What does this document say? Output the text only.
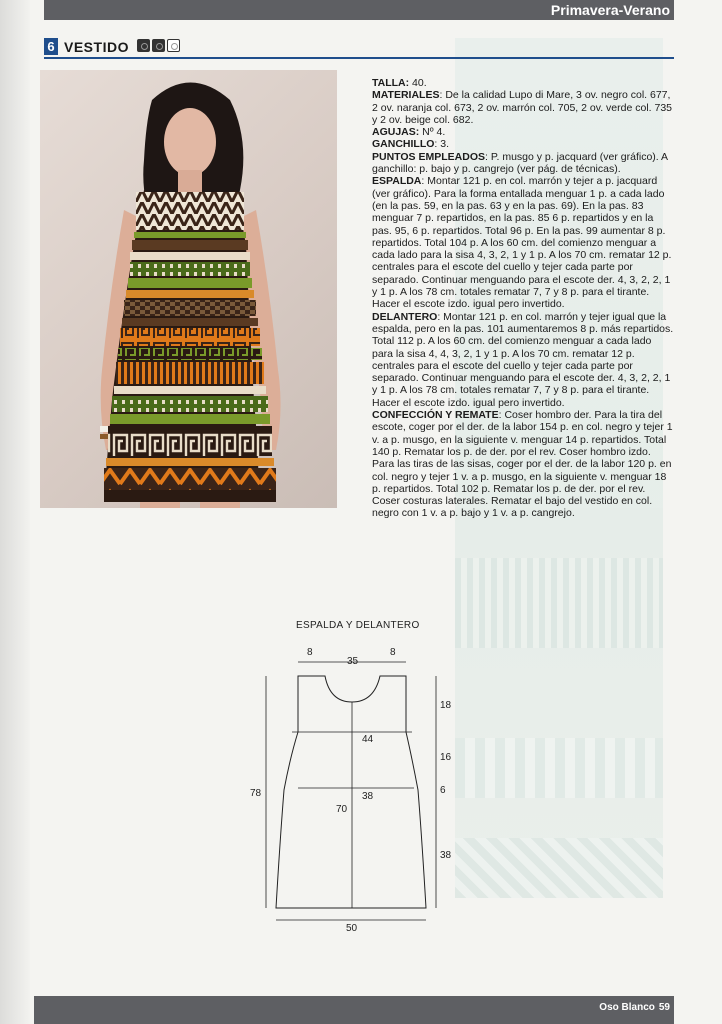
Primavera-Verano
6 VESTIDO

TALLA: 40.

MATERIALES: De la calidad Lupo di Mare, 3 ov. negro col. 677, 2 ov. naranja col. 673, 2 ov. marrón col. 705, 2 ov. verde col. 735 y 2 ov. beige col. 682.

AGUJAS: Nº 4.

GANCHILLO: 3.

PUNTOS EMPLEADOS: P. musgo y p. jacquard (ver gráfico). A ganchillo: p. bajo y p. cangrejo (ver pág. de técnicas).

ESPALDA: Montar 121 p. en col. marrón y tejer a p. jacquard (ver gráfico). Para la forma entallada menguar 1 p. a cada lado (en la pas. 59, en la pas. 63 y en la pas. 69). En la pas. 83 menguar 7 p. repartidos, en la pas. 85 6 p. repartidos y en la pas. 95, 6 p. repartidos. Total 96 p. En la pas. 99 aumentar 8 p. repartidos. Total 104 p. A los 60 cm. del comienzo menguar a cada lado para la sisa 4, 3, 2, 1 y 1 p. A los 70 cm. rematar 12 p. centrales para el escote del cuello y tejer cada parte por separado. Continuar menguando para el escote der. 4, 3, 2, 2, 1 y 1 p. A los 78 cm. totales rematar 7, 7 y 8 p. para el tirante. Hacer el escote izdo. igual pero invertido.

DELANTERO: Montar 121 p. en col. marrón y tejer igual que la espalda, pero en la pas. 101 aumentaremos 8 p. más repartidos. Total 112 p. A los 60 cm. del comienzo menguar a cada lado para la sisa 4, 4, 3, 2, 1 y 1 p. A los 70 cm. rematar 12 p. centrales para el escote del cuello y tejer cada parte por separado. Continuar menguando para el escote der. 4, 3, 2, 2, 1 y 1 p. A los 78 cm. totales rematar 7, 7 y 8 p. para el tirante. Hacer el escote izdo. igual pero invertido.

CONFECCIÓN Y REMATE: Coser hombro der. Para la tira del escote, coger por el der. de la labor 154 p. en col. negro y tejer 1 v. a p. musgo, en la siguiente v. menguar 14 p. repartidos. Total 140 p. Rematar los p. de der. por el rev. Coser hombro izdo. Para las tiras de las sisas, coger por el der. de la labor 120 p. en col. negro y tejer 1 v. a p. musgo, en la siguiente v. menguar 18 p. repartidos. Total 102 p. Rematar los p. de der. por el rev. Coser costuras laterales. Rematar el bajo del vestido en col. negro con 1 v. a p. bajo y 1 v. a p. cangrejo.

ESPALDA Y DELANTERO
8
35
8
78
70
44
38
50
18
16
6
38
Oso Blanco 59
